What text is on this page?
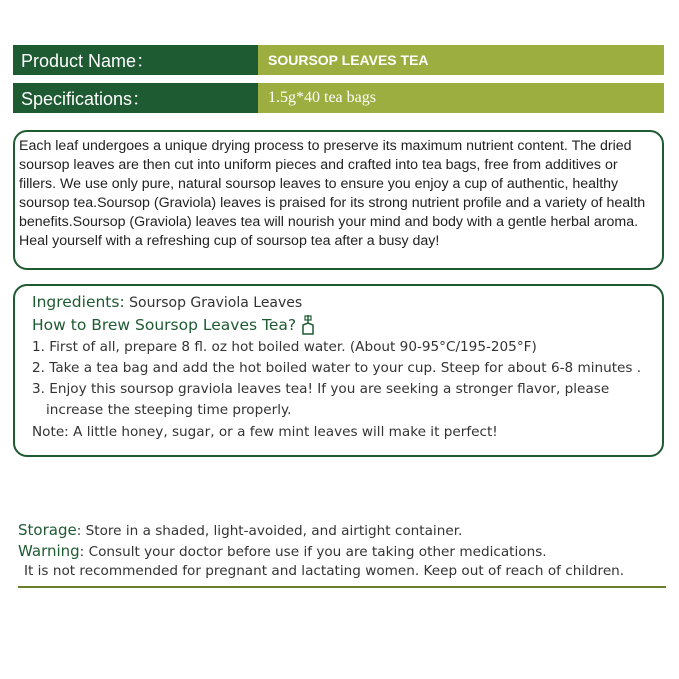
Product Name：	SOURSOP LEAVES TEA
Specifications：	1.5g*40 tea bags

Each leaf undergoes a unique drying process to preserve its maximum nutrient content. The dried soursop leaves are then cut into uniform pieces and crafted into tea bags, free from additives or fillers. We use only pure, natural soursop leaves to ensure you enjoy a cup of authentic, healthy soursop tea.Soursop (Graviola) leaves is praised for its strong nutrient profile and a variety of health benefits.Soursop (Graviola) leaves tea will nourish your mind and body with a gentle herbal aroma. Heal yourself with a refreshing cup of soursop tea after a busy day!

Ingredients: Soursop Graviola Leaves
How to Brew Soursop Leaves Tea?
1. First of all, prepare 8 fl. oz hot boiled water. (About 90-95°C/195-205°F)
2. Take a tea bag and add the hot boiled water to your cup. Steep for about 6-8 minutes .
3. Enjoy this soursop graviola leaves tea! If you are seeking a stronger flavor, please
increase the steeping time properly.
Note: A little honey, sugar, or a few mint leaves will make it perfect!
Storage: Store in a shaded, light-avoided, and airtight container.
Warning: Consult your doctor before use if you are taking other medications.
It is not recommended for pregnant and lactating women. Keep out of reach of children.
